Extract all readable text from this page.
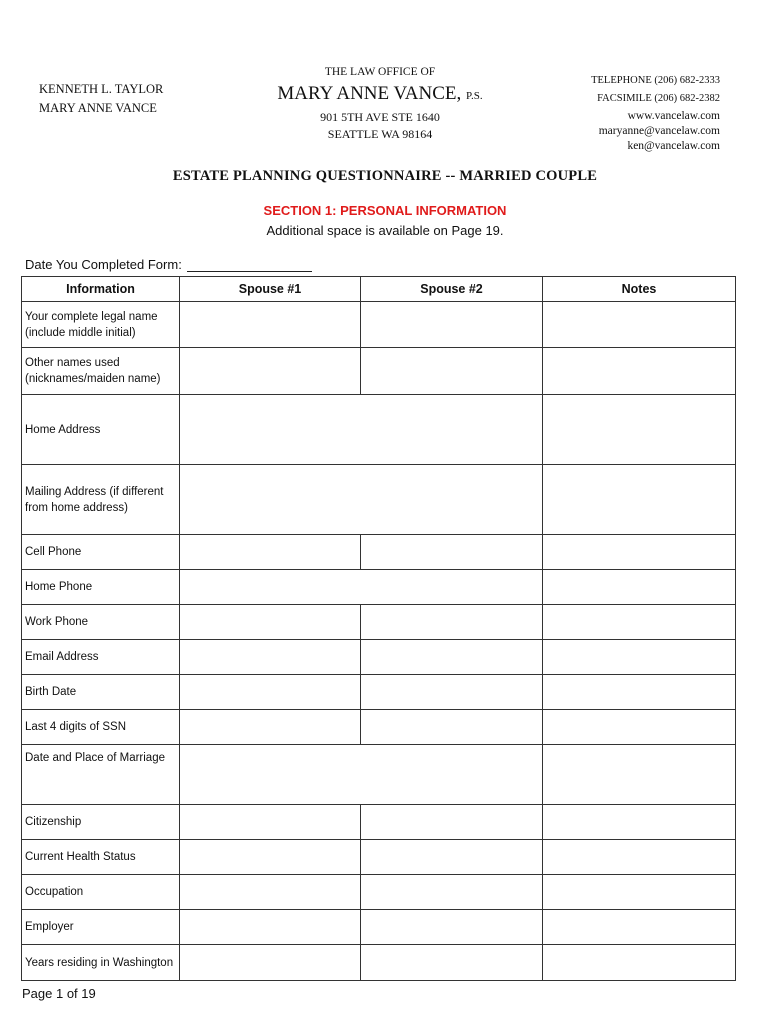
KENNETH L. TAYLOR
MARY ANNE VANCE
THE LAW OFFICE OF
MARY ANNE VANCE, P.S.
901 5TH AVE STE 1640
SEATTLE WA 98164
TELEPHONE (206) 682-2333
FACSIMILE (206) 682-2382
www.vancelaw.com
maryanne@vancelaw.com
ken@vancelaw.com
ESTATE PLANNING QUESTIONNAIRE -- MARRIED COUPLE
SECTION 1: PERSONAL INFORMATION
Additional space is available on Page 19.
Date You Completed Form:
Information	Spouse #1	Spouse #2	Notes
Your complete legal name (include middle initial)			
Other names used (nicknames/maiden name)			
Home Address			
Mailing Address (if different from home address)			
Cell Phone			
Home Phone			
Work Phone			
Email Address			
Birth Date			
Last 4 digits of SSN			
Date and Place of Marriage			
Citizenship			
Current Health Status			
Occupation			
Employer			
Years residing in Washington			
Page 1 of 19
